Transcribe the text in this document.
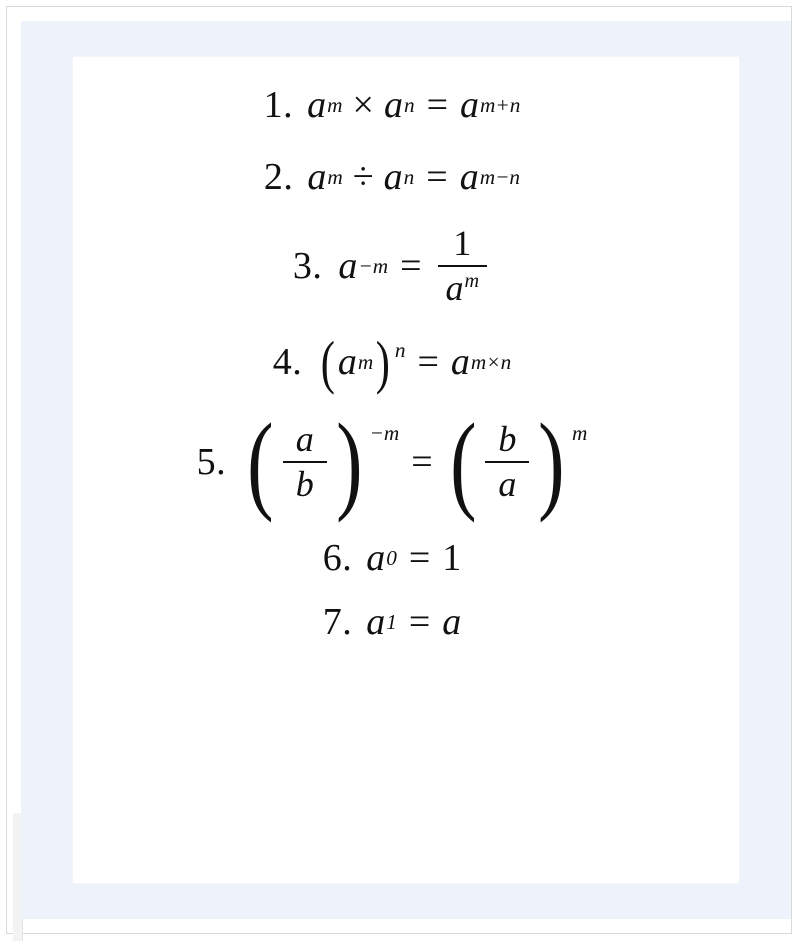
1. a m × a n = a m+n
2. a m ÷ a n = a m−n
3. $a -m = \frac{1}{a^m}$
4. ( a m ) n = a m×n
5. ( $\frac{a}{b}$ ) −m
= ( $\frac{b}{a}$ ) m
6. a 0 = 1
7. a 1 = a
